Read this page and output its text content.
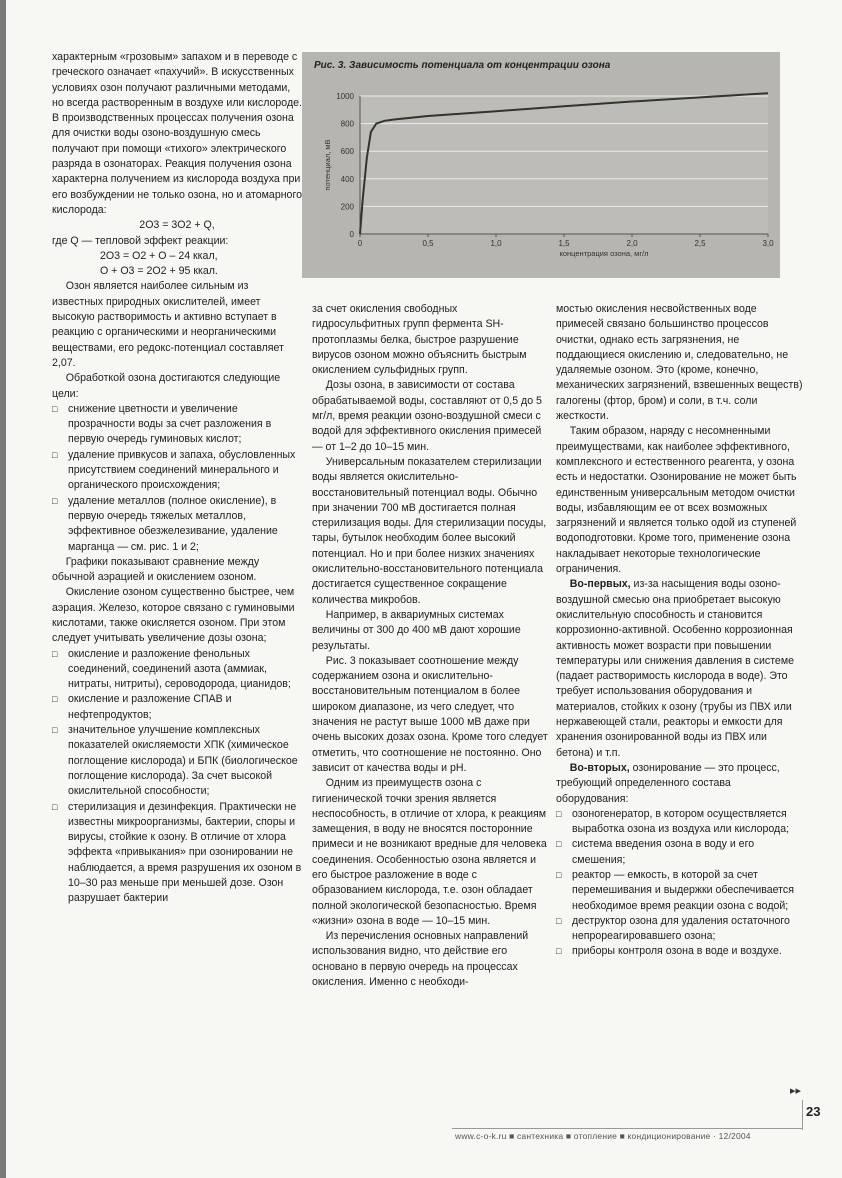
характерным «грозовым» запахом и в переводе с греческого означает «пахучий». В искусственных условиях озон получают различными методами, но всегда растворенным в воздухе или кислороде. В производственных процессах получения озона для очистки воды озоно-воздушную смесь получают при помощи «тихого» электрического разряда в озонаторах. Реакция получения озона характерна получением из кислорода воздуха при его возбуждении не только озона, но и атомарного кислорода:

2O3 = 3O2 + Q,

где Q — тепловой эффект реакции:

2O3 = O2 + O – 24 ккал,

O + O3 = 2O2 + 95 ккал.

Озон является наиболее сильным из известных природных окислителей, имеет высокую растворимость и активно вступает в реакцию с органическими и неорганическими веществами, его редокс-потенциал составляет 2,07.

Обработкой озона достигаются следующие цели:

□ снижение цветности и увеличение прозрачности воды за счет разложения в первую очередь гуминовых кислот;
□ удаление привкусов и запаха, обусловленных присутствием соединений минерального и органического происхождения;
□ удаление металлов (полное окисление), в первую очередь тяжелых металлов, эффективное обезжелезивание, удаление марганца — см. рис. 1 и 2;

Графики показывают сравнение между обычной аэрацией и окислением озоном.

Окисление озоном существенно быстрее, чем аэрация. Железо, которое связано с гуминовыми кислотами, также окисляется озоном. При этом следует учитывать увеличение дозы озона;

□ окисление и разложение фенольных соединений, соединений азота (аммиак, нитраты, нитриты), сероводорода, цианидов;
□ окисление и разложение СПАВ и нефтепродуктов;
□ значительное улучшение комплексных показателей окисляемости ХПК (химическое поглощение кислорода) и БПК (биологическое поглощение кислорода). За счет высокой окислительной способности;
□ стерилизация и дезинфекция. Практически не известны микроорганизмы, бактерии, споры и вирусы, стойкие к озону. В отличие от хлора эффекта «привыкания» при озонировании не наблюдается, а время разрушения их озоном в 10–30 раз меньше при меньшей дозе. Озон разрушает бактерии
Рис. 3. Зависимость потенциала от концентрации озона
0
200
400
600
800
1000
0	0,5	1,0	1,5	2,0	2,5	3,0
концентрация озона, мг/л
потенциал, мВ

за счет окисления свободных гидросульфитных групп фермента SH-протоплазмы белка, быстрое разрушение вирусов озоном можно объяснить быстрым окислением сульфидных групп.

Дозы озона, в зависимости от состава обрабатываемой воды, составляют от 0,5 до 5 мг/л, время реакции озоно-воздушной смеси с водой для эффективного окисления примесей — от 1–2 до 10–15 мин.

Универсальным показателем стерилизации воды является окислительно-восстановительный потенциал воды. Обычно при значении 700 мВ достигается полная стерилизация воды. Для стерилизации посуды, тары, бутылок необходим более высокий потенциал. Но и при более низких значениях окислительно-восстановительного потенциала достигается существенное сокращение количества микробов.

Например, в аквариумных системах величины от 300 до 400 мВ дают хорошие результаты.

Рис. 3 показывает соотношение между содержанием озона и окислительно-восстановительным потенциалом в более широком диапазоне, из чего следует, что значения не растут выше 1000 мВ даже при очень высоких дозах озона. Кроме того следует отметить, что соотношение не постоянно. Оно зависит от качества воды и pH.

Одним из преимуществ озона с гигиенической точки зрения является неспособность, в отличие от хлора, к реакциям замещения, в воду не вносятся посторонние примеси и не возникают вредные для человека соединения. Особенностью озона является и его быстрое разложение в воде с образованием кислорода, т.е. озон обладает полной экологической безопасностью. Время «жизни» озона в воде — 10–15 мин.

Из перечисления основных направлений использования видно, что действие его основано в первую очередь на процессах окисления. Именно с необходи-

мостью окисления несвойственных воде примесей связано большинство процессов очистки, однако есть загрязнения, не поддающиеся окислению и, следовательно, не удаляемые озоном. Это (кроме, конечно, механических загрязнений, взвешенных веществ) галогены (фтор, бром) и соли, в т.ч. соли жесткости.

Таким образом, наряду с несомненными преимуществами, как наиболее эффективного, комплексного и естественного реагента, у озона есть и недостатки. Озонирование не может быть единственным универсальным методом очистки воды, избавляющим ее от всех возможных загрязнений и является только одой из ступеней водоподготовки. Кроме того, применение озона накладывает некоторые технологические ограничения.

Во-первых, из-за насыщения воды озоно-воздушной смесью она приобретает высокую окислительную способность и становится коррозионно-активной. Особенно коррозионная активность может возрасти при повышении температуры или снижения давления в системе (падает растворимость кислорода в воде). Это требует использования оборудования и материалов, стойких к озону (трубы из ПВХ или нержавеющей стали, реакторы и емкости для хранения озонированной воды из ПВХ или бетона) и т.п.

Во-вторых, озонирование — это процесс, требующий определенного состава оборудования:

□ озоногенератор, в котором осуществляется выработка озона из воздуха или кислорода;
□ система введения озона в воду и его смешения;
□ реактор — емкость, в которой за счет перемешивания и выдержки обеспечивается необходимое время реакции озона с водой;
□ деструктор озона для удаления остаточного непрореагировавшего озона;
□ приборы контроля озона в воде и воздухе.
▸▸
23
www.c-o-k.ru ■ сантехника ■ отопление ■ кондиционирование · 12/2004
